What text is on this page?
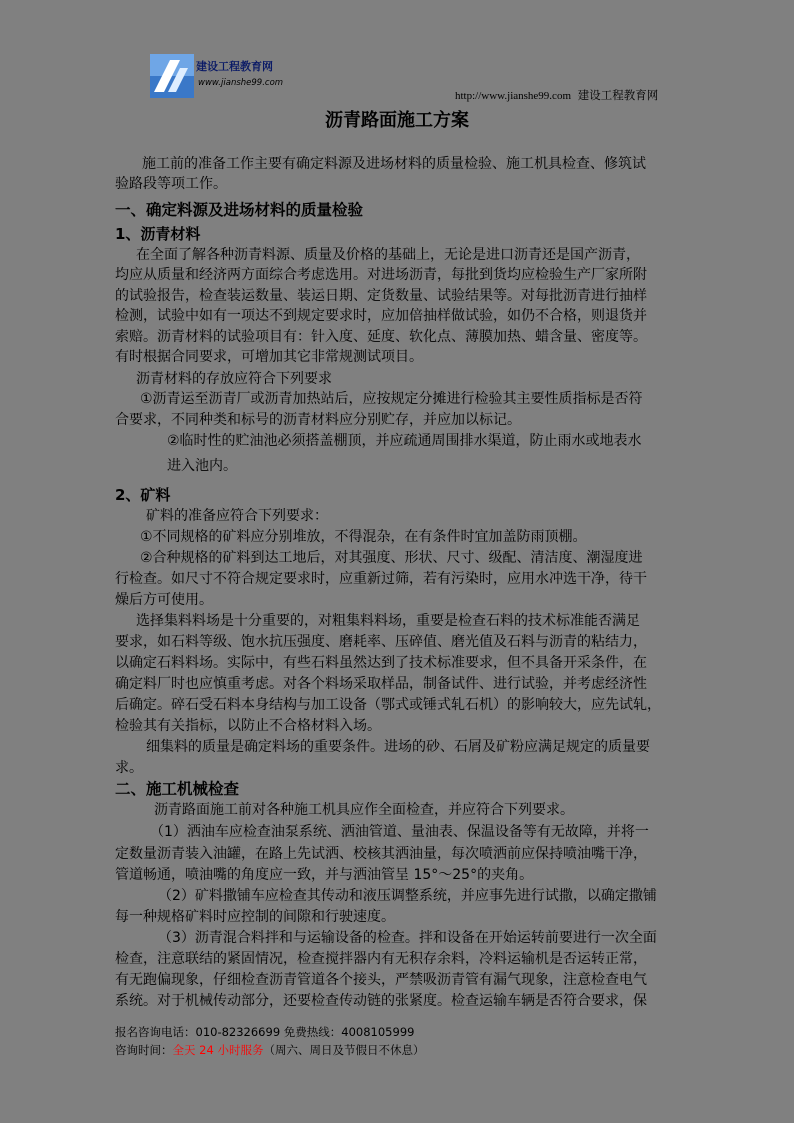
建设工程教育网
www.jianshe99.com
http://www.jianshe99.com 建设工程教育网
沥青路面施工方案
施工前的准备工作主要有确定料源及进场材料的质量检验、施工机具检查、修筑试
验路段等项工作。
一、确定料源及进场材料的质量检验
1、沥青材料
在全面了解各种沥青料源、质量及价格的基础上，无论是进口沥青还是国产沥青，
均应从质量和经济两方面综合考虑选用。对进场沥青，每批到货均应检验生产厂家所附
的试验报告，检查装运数量、装运日期、定货数量、试验结果等。对每批沥青进行抽样
检测，试验中如有一项达不到规定要求时，应加倍抽样做试验，如仍不合格，则退货并
索赔。沥青材料的试验项目有：针入度、延度、软化点、薄膜加热、蜡含量、密度等。
有时根据合同要求，可增加其它非常规测试项目。
沥青材料的存放应符合下列要求
①沥青运至沥青厂或沥青加热站后，应按规定分摊进行检验其主要性质指标是否符
合要求，不同种类和标号的沥青材料应分别贮存，并应加以标记。
②临时性的贮油池必须搭盖棚顶，并应疏通周围排水渠道，防止雨水或地表水
进入池内。
2、矿料
矿料的准备应符合下列要求：
①不同规格的矿料应分别堆放，不得混杂，在有条件时宜加盖防雨顶棚。
②合种规格的矿料到达工地后，对其强度、形状、尺寸、级配、清洁度、潮湿度进
行检查。如尺寸不符合规定要求时，应重新过筛，若有污染时，应用水冲选干净，待干
燥后方可使用。
选择集料料场是十分重要的，对粗集料料场，重要是检查石料的技术标准能否满足
要求，如石料等级、饱水抗压强度、磨耗率、压碎值、磨光值及石料与沥青的粘结力，
以确定石料料场。实际中，有些石料虽然达到了技术标准要求，但不具备开采条件，在
确定料厂时也应慎重考虑。对各个料场采取样品，制备试件、进行试验，并考虑经济性
后确定。碎石受石料本身结构与加工设备（鄂式或锤式轧石机）的影响较大，应先试轧，
检验其有关指标，以防止不合格材料入场。
细集料的质量是确定料场的重要条件。进场的砂、石屑及矿粉应满足规定的质量要
求。
二、施工机械检查
沥青路面施工前对各种施工机具应作全面检查，并应符合下列要求。
（1）洒油车应检查油泵系统、洒油管道、量油表、保温设备等有无故障，并将一
定数量沥青装入油罐，在路上先试洒、校核其洒油量，每次喷洒前应保持喷油嘴干净，
管道畅通，喷油嘴的角度应一致，并与洒油管呈 15°～25°的夹角。
（2）矿料撒铺车应检查其传动和液压调整系统，并应事先进行试撒，以确定撒铺
每一种规格矿料时应控制的间隙和行驶速度。
（3）沥青混合料拌和与运输设备的检查。拌和设备在开始运转前要进行一次全面
检查，注意联结的紧固情况，检查搅拌器内有无积存余料，冷料运输机是否运转正常，
有无跑偏现象，仔细检查沥青管道各个接头，严禁吸沥青管有漏气现象，注意检查电气
系统。对于机械传动部分，还要检查传动链的张紧度。检查运输车辆是否符合要求，保
报名咨询电话：010-82326699 免费热线：4008105999
咨询时间：全天 24 小时服务（周六、周日及节假日不休息）
